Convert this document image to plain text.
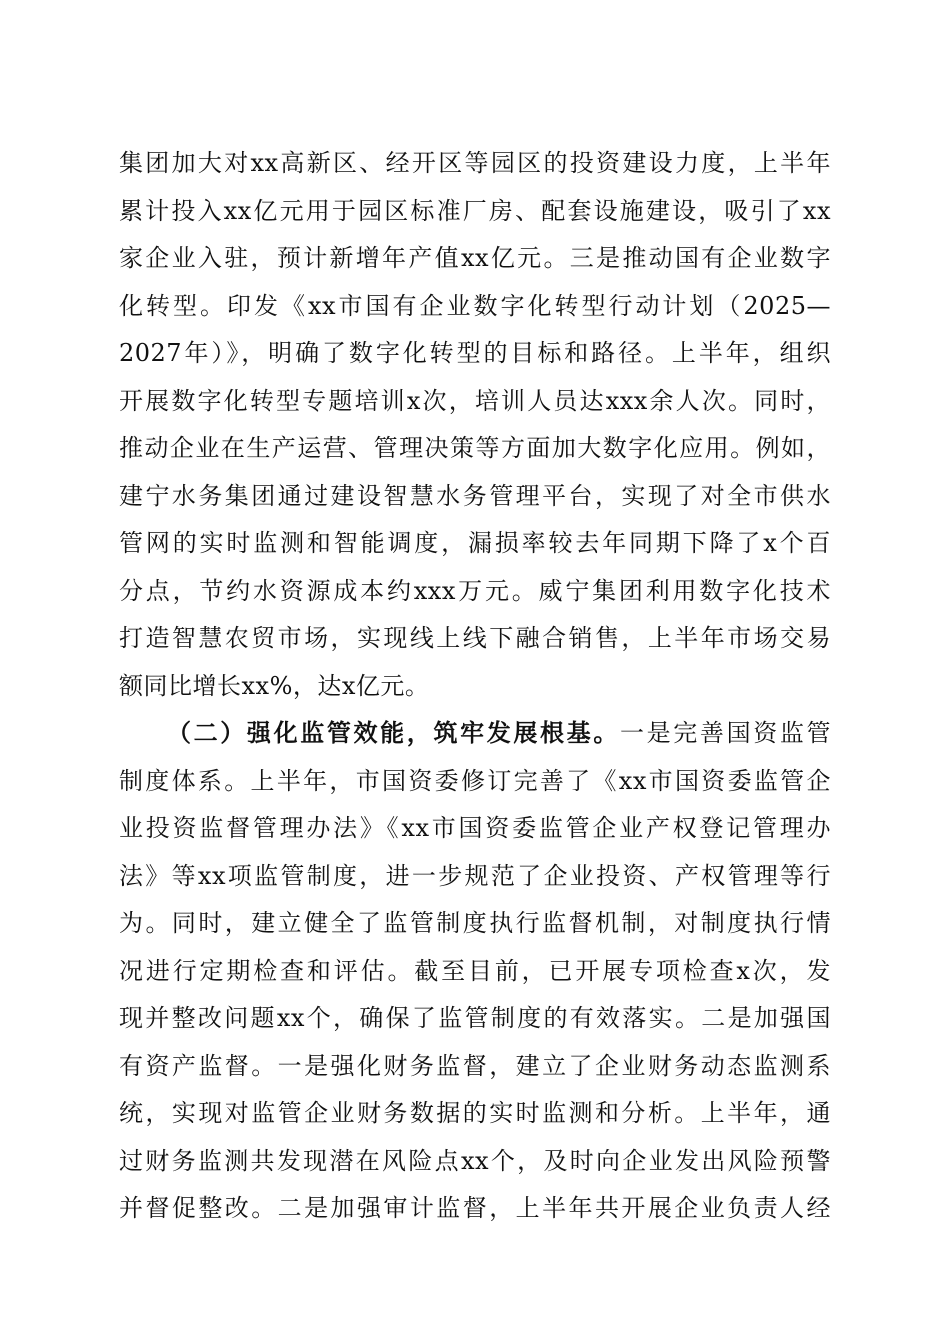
集团加大对xx高新区、经开区等园区的投资建设力度，上半年
累计投入xx亿元用于园区标准厂房、配套设施建设，吸引了xx
家企业入驻，预计新增年产值xx亿元。三是推动国有企业数字
化转型。印发《xx市国有企业数字化转型行动计划（2025—
2027年）》，明确了数字化转型的目标和路径。上半年，组织
开展数字化转型专题培训x次，培训人员达xxx余人次。同时，
推动企业在生产运营、管理决策等方面加大数字化应用。例如，
建宁水务集团通过建设智慧水务管理平台，实现了对全市供水
管网的实时监测和智能调度，漏损率较去年同期下降了x个百
分点，节约水资源成本约xxx万元。威宁集团利用数字化技术
打造智慧农贸市场，实现线上线下融合销售，上半年市场交易
额同比增长xx%，达x亿元。
（二）强化监管效能，筑牢发展根基。一是完善国资监管
制度体系。上半年，市国资委修订完善了《xx市国资委监管企
业投资监督管理办法》《xx市国资委监管企业产权登记管理办
法》等xx项监管制度，进一步规范了企业投资、产权管理等行
为。同时，建立健全了监管制度执行监督机制，对制度执行情
况进行定期检查和评估。截至目前，已开展专项检查x次，发
现并整改问题xx个，确保了监管制度的有效落实。二是加强国
有资产监督。一是强化财务监督，建立了企业财务动态监测系
统，实现对监管企业财务数据的实时监测和分析。上半年，通
过财务监测共发现潜在风险点xx个，及时向企业发出风险预警
并督促整改。二是加强审计监督，上半年共开展企业负责人经
